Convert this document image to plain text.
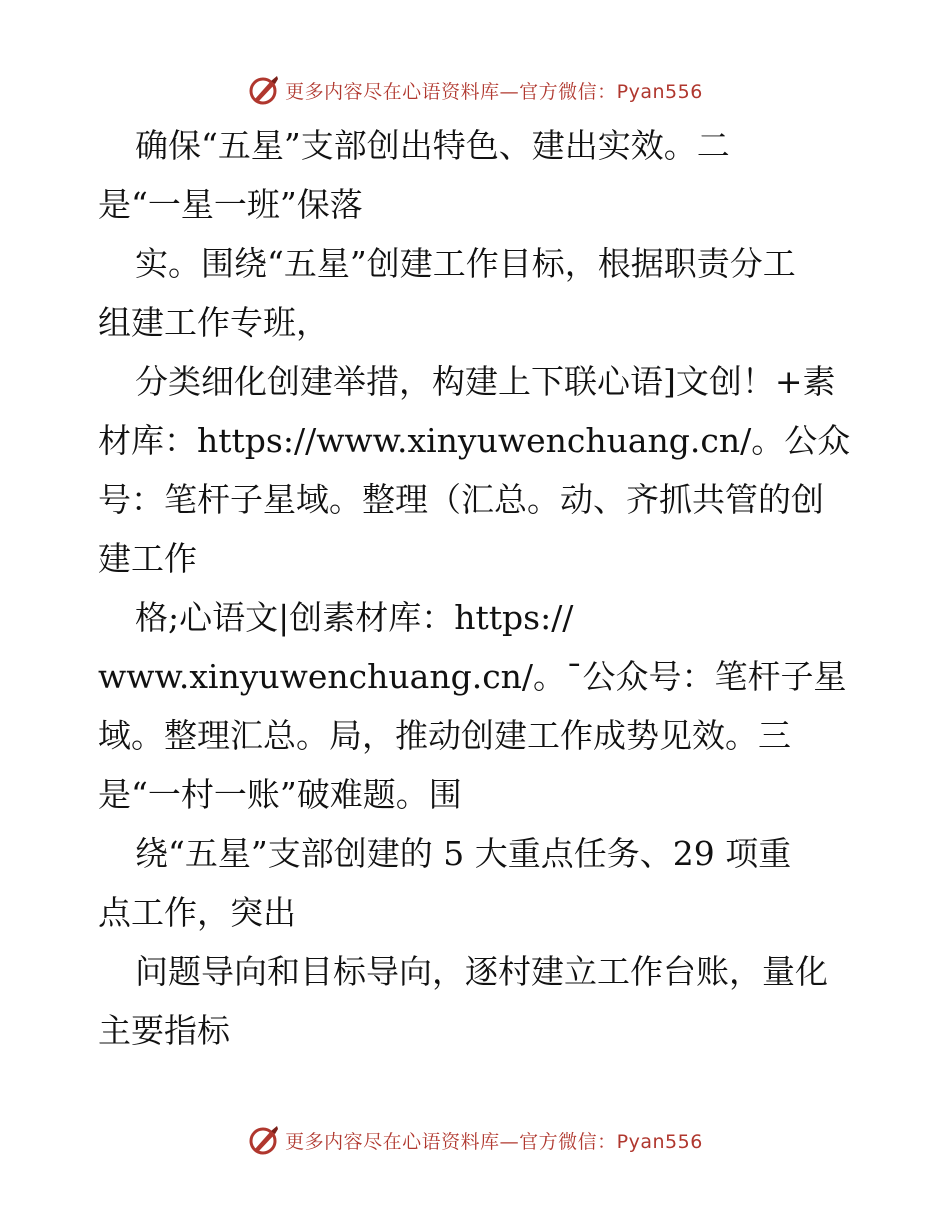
更多内容尽在心语资料库—官方微信：Pyan556
确保“五星”支部创出特色、建出实效。二
是“一星一班”保落
实。围绕“五星”创建工作目标，根据职责分工
组建工作专班，
分类细化创建举措，构建上下联心语]文创！+素
材库：https://www.xinyuwenchuang.cn/。公众
号：笔杆子星域。整理（汇总。动、齐抓共管的创
建工作
格;心语文|创素材库：https://
www.xinyuwenchuang.cn/。¯公众号：笔杆子星
域。整理汇总。局，推动创建工作成势见效。三
是“一村一账”破难题。围
绕“五星”支部创建的 5 大重点任务、29 项重
点工作，突出
问题导向和目标导向，逐村建立工作台账，量化
主要指标
更多内容尽在心语资料库—官方微信：Pyan556
